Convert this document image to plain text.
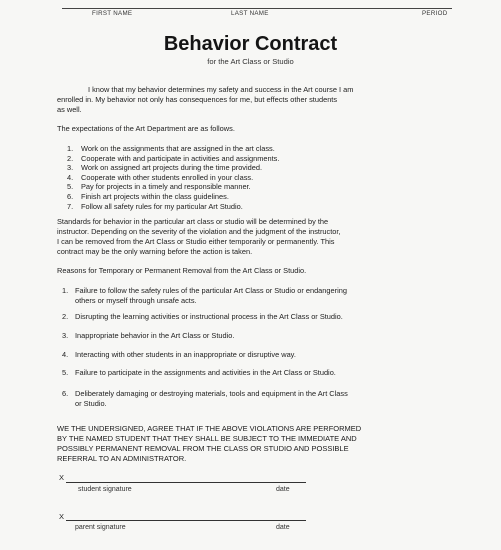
FIRST NAME	LAST NAME	PERIOD
Behavior Contract
for the Art Class or Studio
I know that my behavior determines my safety and success in the Art course I am
enrolled in. My behavior not only has consequences for me, but effects other students
as well.
The expectations of the Art Department are as follows.
1.	Work on the assignments that are assigned in the art class.
2.	Cooperate with and participate in activities and assignments.
3.	Work on assigned art projects during the time provided.
4.	Cooperate with other students enrolled in your class.
5.	Pay for projects in a timely and responsible manner.
6.	Finish art projects within the class guidelines.
7.	Follow all safety rules for my particular Art Studio.
Standards for behavior in the particular art class or studio will be determined by the
instructor. Depending on the severity of the violation and the judgment of the instructor,
I can be removed from the Art Class or Studio either temporarily or permanently. This
contract may be the only warning before the action is taken.
Reasons for Temporary or Permanent Removal from the Art Class or Studio.
1. Failure to follow the safety rules of the particular Art Class or Studio or endangering
others or myself through unsafe acts.
2. Disrupting the learning activities or instructional process in the Art Class or Studio.
3. Inappropriate behavior in the Art Class or Studio.
4. Interacting with other students in an inappropriate or disruptive way.
5. Failure to participate in the assignments and activities in the Art Class or Studio.
6. Deliberately damaging or destroying materials, tools and equipment in the Art Class
or Studio.
WE THE UNDERSIGNED, AGREE THAT IF THE ABOVE VIOLATIONS ARE PERFORMED
BY THE NAMED STUDENT THAT THEY SHALL BE SUBJECT TO THE IMMEDIATE AND
POSSIBLY PERMANENT REMOVAL FROM THE CLASS OR STUDIO AND POSSIBLE
REFERRAL TO AN ADMINISTRATOR.
X
student signature	date
X
parent signature	date
